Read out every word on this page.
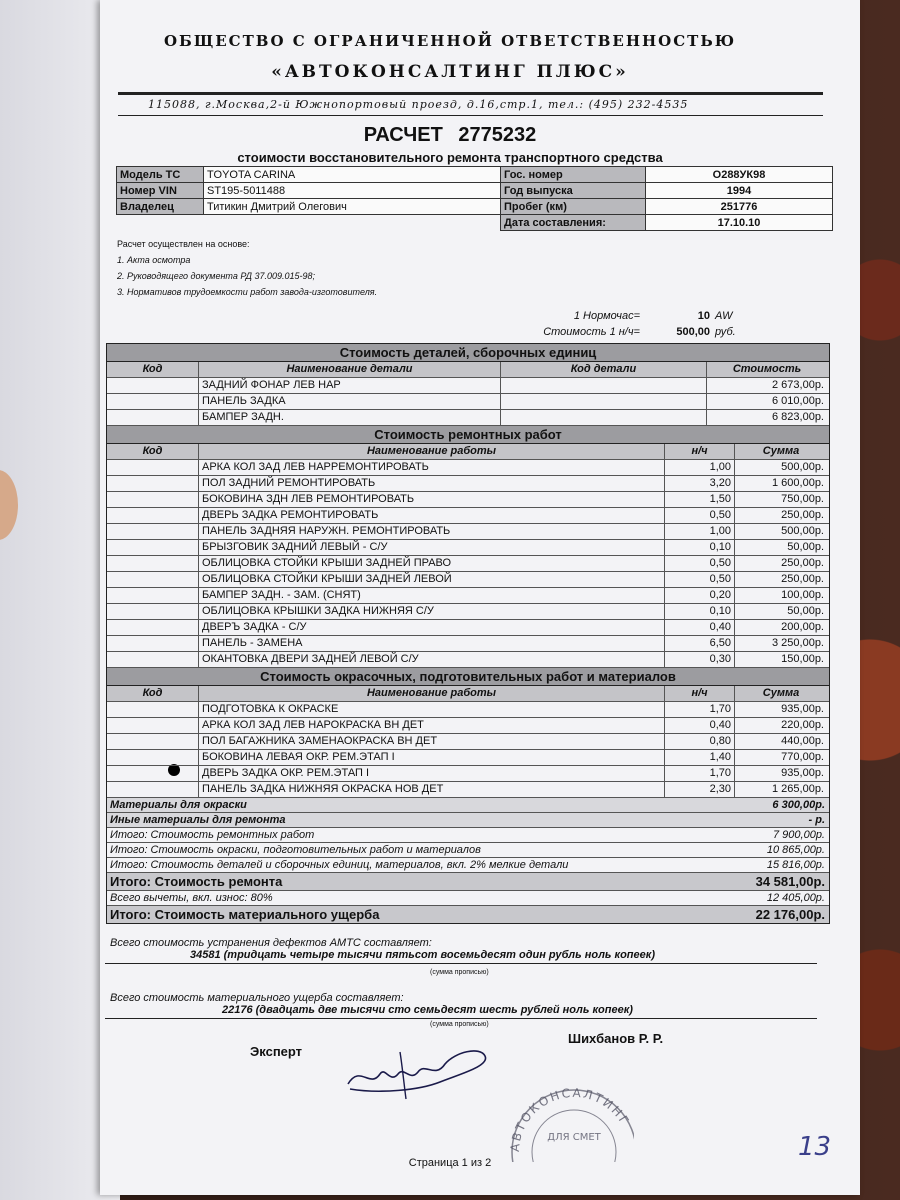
ОБЩЕСТВО С ОГРАНИЧЕННОЙ ОТВЕТСТВЕННОСТЬЮ
«АВТОКОНСАЛТИНГ ПЛЮС»
115088, г.Москва,2-й Южнопортовый проезд, д.16,стр.1, тел.: (495) 232-4535
РАСЧЕТ 2775232
стоимости восстановительного ремонта транспортного средства
Модель ТС	TOYOTA CARINA
Номер VIN	ST195-5011488
Владелец	Титикин Дмитрий Олегович
Гос. номер	О288УК98
Год выпуска	1994
Пробег (км)	251776
Дата составления:	17.10.10
Расчет осуществлен на основе:
1. Акта осмотра
2. Руководящего документа РД 37.009.015-98;
3. Нормативов трудоемкости работ завода-изготовителя.
1 Нормочас=	10 AW
Стоимость 1 н/ч=	500,00 руб.
Стоимость деталей, сборочных единиц
Код	Наименование детали	Код детали	Стоимость
ЗАДНИЙ ФОНАР ЛЕВ НАР	2 673,00р.
ПАНЕЛЬ ЗАДКА	6 010,00р.
БАМПЕР ЗАДН.	6 823,00р.
Стоимость ремонтных работ
Код	Наименование работы	н/ч	Сумма
АРКА КОЛ ЗАД ЛЕВ НАРРЕМОНТИРОВАТЬ	1,00	500,00р.
ПОЛ ЗАДНИЙ РЕМОНТИРОВАТЬ	3,20	1 600,00р.
БОКОВИНА ЗДН ЛЕВ РЕМОНТИРОВАТЬ	1,50	750,00р.
ДВЕРЬ ЗАДКА РЕМОНТИРОВАТЬ	0,50	250,00р.
ПАНЕЛЬ ЗАДНЯЯ НАРУЖН. РЕМОНТИРОВАТЬ	1,00	500,00р.
БРЫЗГОВИК ЗАДНИЙ ЛЕВЫЙ - С/У	0,10	50,00р.
ОБЛИЦОВКА СТОЙКИ КРЫШИ ЗАДНЕЙ ПРАВО	0,50	250,00р.
ОБЛИЦОВКА СТОЙКИ КРЫШИ ЗАДНЕЙ ЛЕВОЙ	0,50	250,00р.
БАМПЕР ЗАДН. - ЗАМ. (СНЯТ)	0,20	100,00р.
ОБЛИЦОВКА КРЫШКИ ЗАДКА НИЖНЯЯ С/У	0,10	50,00р.
ДВЕРЪ ЗАДКА - С/У	0,40	200,00р.
ПАНЕЛЬ - ЗАМЕНА	6,50	3 250,00р.
ОКАНТОВКА ДВЕРИ ЗАДНЕЙ ЛЕВОЙ С/У	0,30	150,00р.
Стоимость окрасочных, подготовительных работ и материалов
Код	Наименование работы	н/ч	Сумма
ПОДГОТОВКА К ОКРАСКЕ	1,70	935,00р.
АРКА КОЛ ЗАД ЛЕВ НАРОКРАСКА ВН ДЕТ	0,40	220,00р.
ПОЛ БАГАЖНИКА ЗАМЕНАОКРАСКА ВН ДЕТ	0,80	440,00р.
БОКОВИНА ЛЕВАЯ ОКР. РЕМ.ЭТАП I	1,40	770,00р.
ДВЕРЬ ЗАДКА ОКР. РЕМ.ЭТАП I	1,70	935,00р.
ПАНЕЛЬ ЗАДКА НИЖНЯЯ ОКРАСКА НОВ ДЕТ	2,30	1 265,00р.
Материалы для окраски	6 300,00р.
Иные материалы для ремонта	- р.
Итого: Стоимость ремонтных работ	7 900,00р.
Итого: Стоимость окраски, подготовительных работ и материалов	10 865,00р.
Итого: Стоимость деталей и сборочных единиц, материалов, вкл. 2% мелкие детали	15 816,00р.
Итого: Стоимость ремонта	34 581,00р.
Всего вычеты, вкл. износ: 80%	12 405,00р.
Итого: Стоимость материального ущерба	22 176,00р.
Всего стоимость устранения дефектов АМТС составляет:
34581 (тридцать четыре тысячи пятьсот восемьдесят один рубль ноль копеек)
(сумма прописью)
Всего стоимость материального ущерба составляет:
22176 (двадцать две тысячи сто семьдесят шесть рублей ноль копеек)
(сумма прописью)
Эксперт
Шихбанов Р. Р.
АВТОКОНСАЛТИНГ
ДЛЯ СМЕТ
Страница 1 из 2
13
